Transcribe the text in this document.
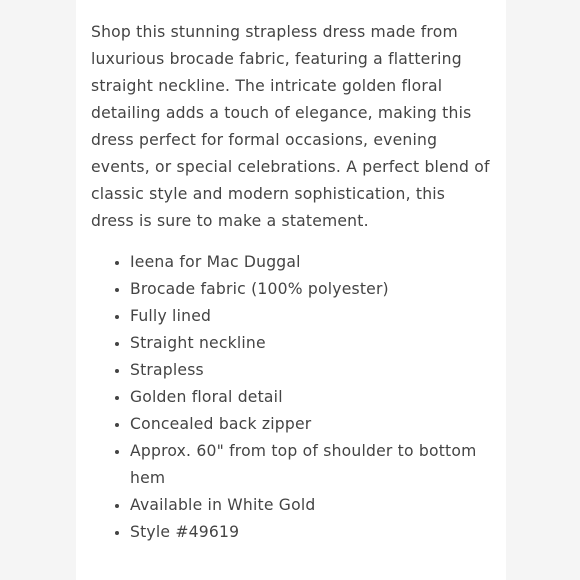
Shop this stunning strapless dress made from luxurious brocade fabric, featuring a flattering straight neckline. The intricate golden floral detailing adds a touch of elegance, making this dress perfect for formal occasions, evening events, or special celebrations. A perfect blend of classic style and modern sophistication, this dress is sure to make a statement.

• Ieena for Mac Duggal
• Brocade fabric (100% polyester)
• Fully lined
• Straight neckline
• Strapless
• Golden floral detail
• Concealed back zipper
• Approx. 60" from top of shoulder to bottom hem
• Available in White Gold
• Style #49619
